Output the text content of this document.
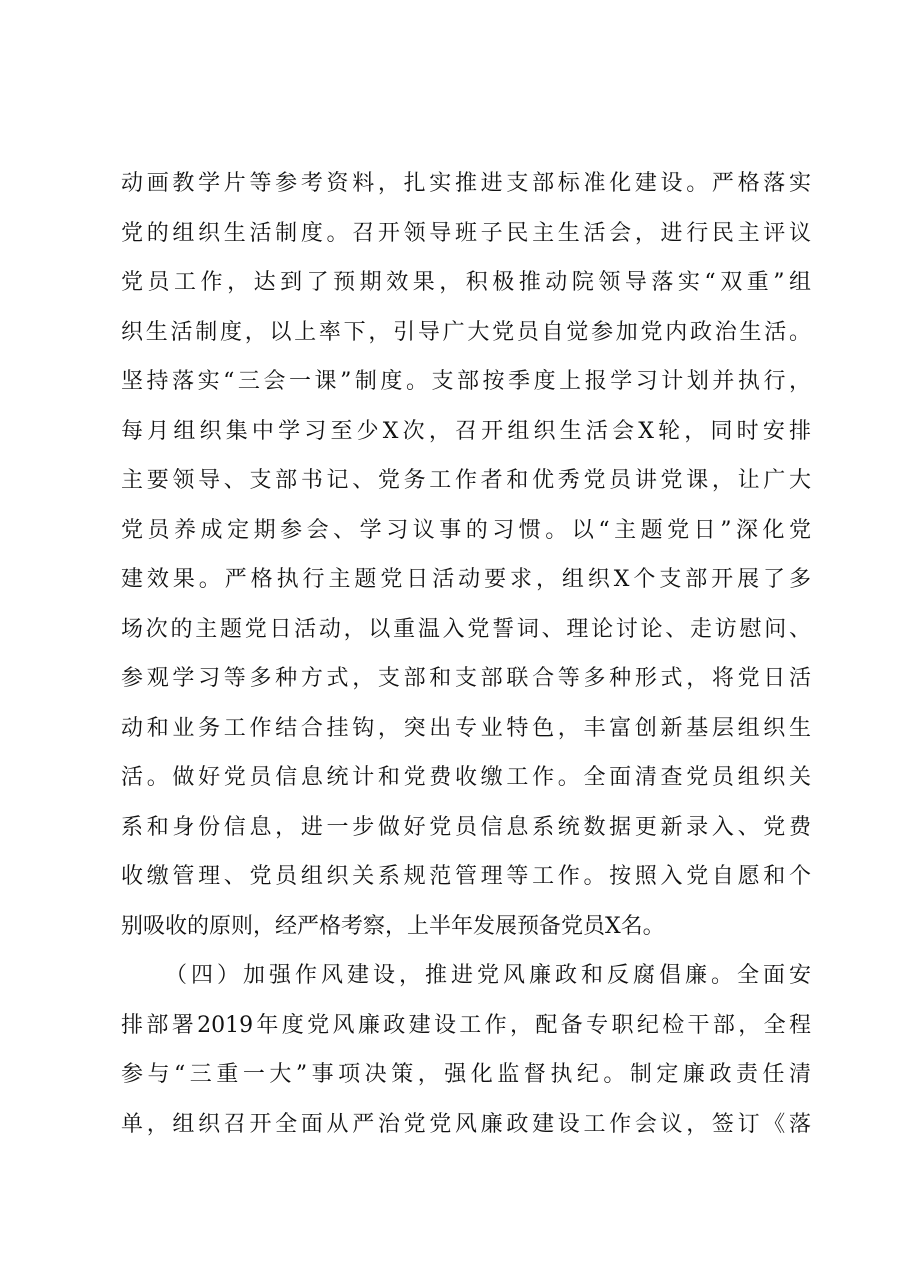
动画教学片等参考资料，扎实推进支部标准化建设。严格落实
党的组织生活制度。召开领导班子民主生活会，进行民主评议
党员工作，达到了预期效果，积极推动院领导落实“双重”组
织生活制度，以上率下，引导广大党员自觉参加党内政治生活。
坚持落实“三会一课”制度。支部按季度上报学习计划并执行，
每月组织集中学习至少X次，召开组织生活会X轮，同时安排
主要领导、支部书记、党务工作者和优秀党员讲党课，让广大
党员养成定期参会、学习议事的习惯。以“主题党日”深化党
建效果。严格执行主题党日活动要求，组织X个支部开展了多
场次的主题党日活动，以重温入党誓词、理论讨论、走访慰问、
参观学习等多种方式，支部和支部联合等多种形式，将党日活
动和业务工作结合挂钩，突出专业特色，丰富创新基层组织生
活。做好党员信息统计和党费收缴工作。全面清查党员组织关
系和身份信息，进一步做好党员信息系统数据更新录入、党费
收缴管理、党员组织关系规范管理等工作。按照入党自愿和个
别吸收的原则，经严格考察，上半年发展预备党员X名。
（四）加强作风建设，推进党风廉政和反腐倡廉。全面安
排部署2019年度党风廉政建设工作，配备专职纪检干部，全程
参与“三重一大”事项决策，强化监督执纪。制定廉政责任清
单，组织召开全面从严治党党风廉政建设工作会议，签订《落
